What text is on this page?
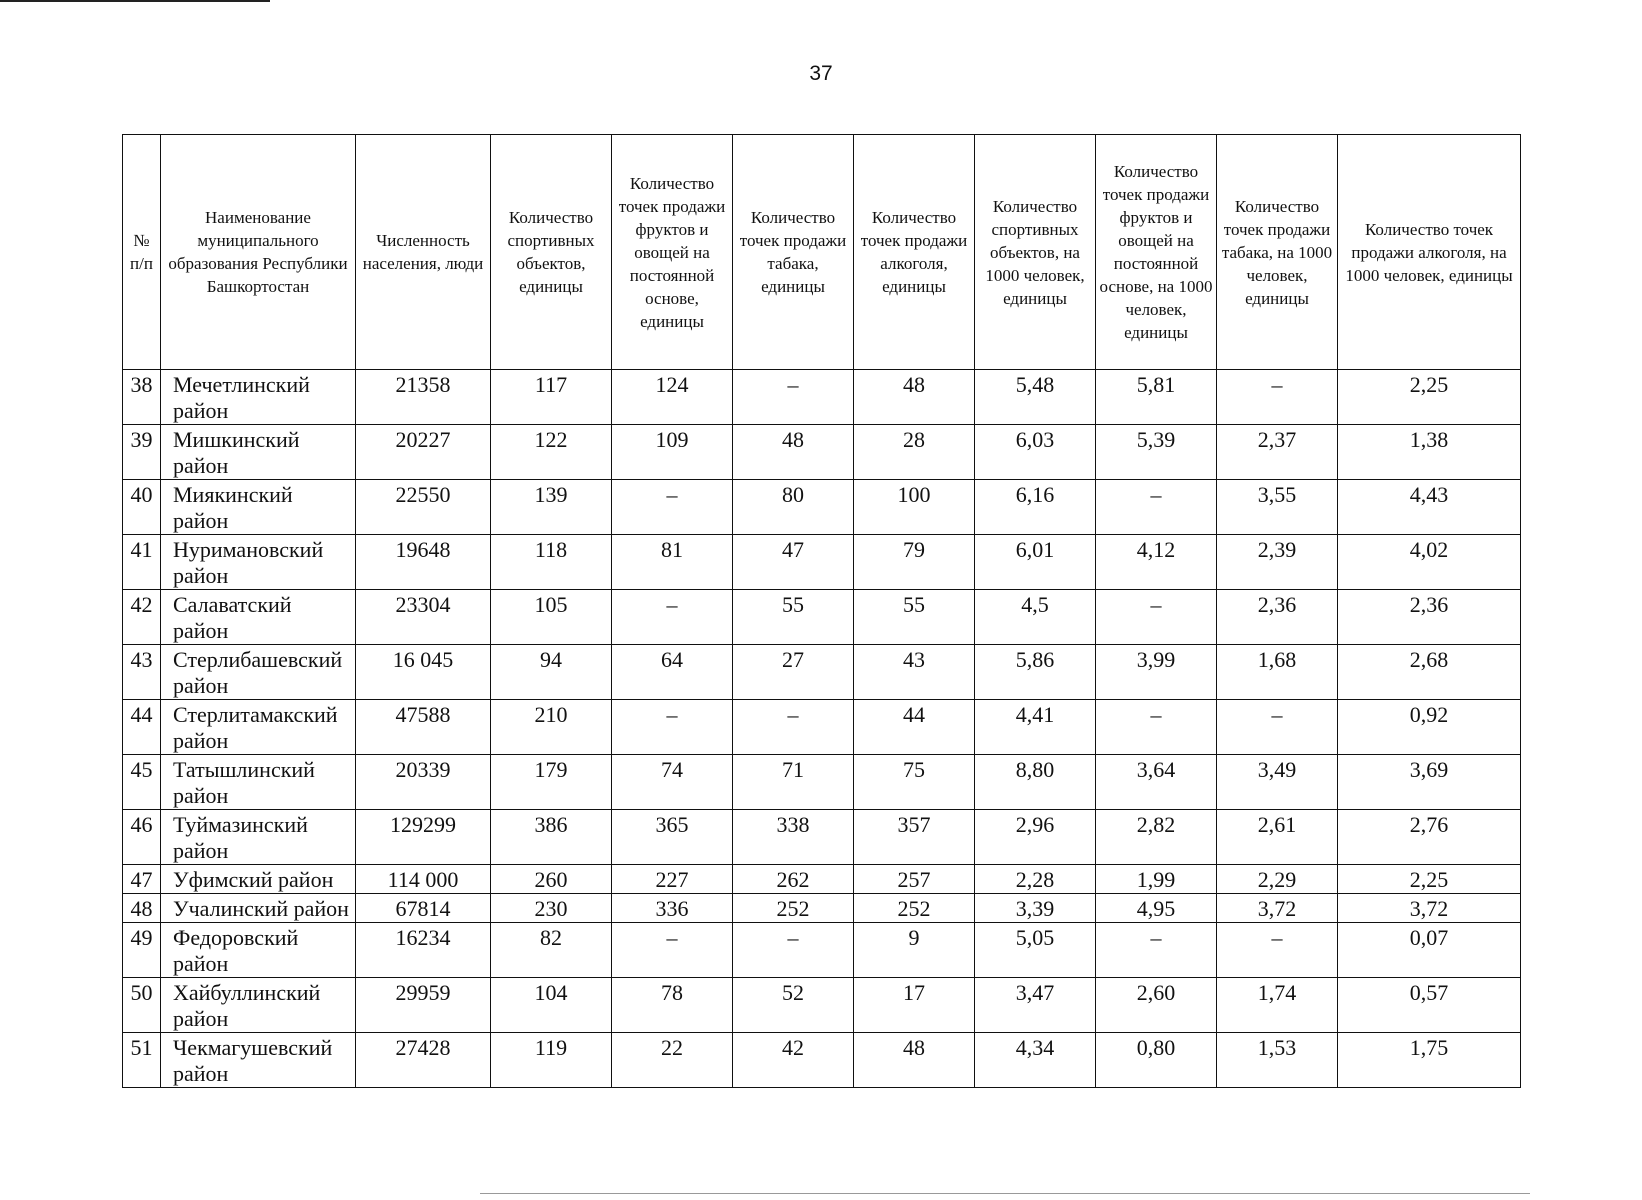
37
№ п/п	Наименование муниципального образования Республики Башкортостан	Численность населения, люди	Количество спортивных объектов, единицы	Количество точек продажи фруктов и овощей на постоянной основе, единицы	Количество точек продажи табака, единицы	Количество точек продажи алкоголя, единицы	Количество спортивных объектов, на 1000 человек, единицы	Количество точек продажи фруктов и овощей на постоянной основе, на 1000 человек, единицы	Количество точек продажи табака, на 1000 человек, единицы	Количество точек продажи алкоголя, на 1000 человек, единицы
38	Мечетлинский район	21358	117	124	–	48	5,48	5,81	–	2,25
39	Мишкинский район	20227	122	109	48	28	6,03	5,39	2,37	1,38
40	Миякинский район	22550	139	–	80	100	6,16	–	3,55	4,43
41	Нуримановский район	19648	118	81	47	79	6,01	4,12	2,39	4,02
42	Салаватский район	23304	105	–	55	55	4,5	–	2,36	2,36
43	Стерлибашевский район	16 045	94	64	27	43	5,86	3,99	1,68	2,68
44	Стерлитамакский район	47588	210	–	–	44	4,41	–	–	0,92
45	Татышлинский район	20339	179	74	71	75	8,80	3,64	3,49	3,69
46	Туймазинский район	129299	386	365	338	357	2,96	2,82	2,61	2,76
47	Уфимский район	114 000	260	227	262	257	2,28	1,99	2,29	2,25
48	Учалинский район	67814	230	336	252	252	3,39	4,95	3,72	3,72
49	Федоровский район	16234	82	–	–	9	5,05	–	–	0,07
50	Хайбуллинский район	29959	104	78	52	17	3,47	2,60	1,74	0,57
51	Чекмагушевский район	27428	119	22	42	48	4,34	0,80	1,53	1,75
